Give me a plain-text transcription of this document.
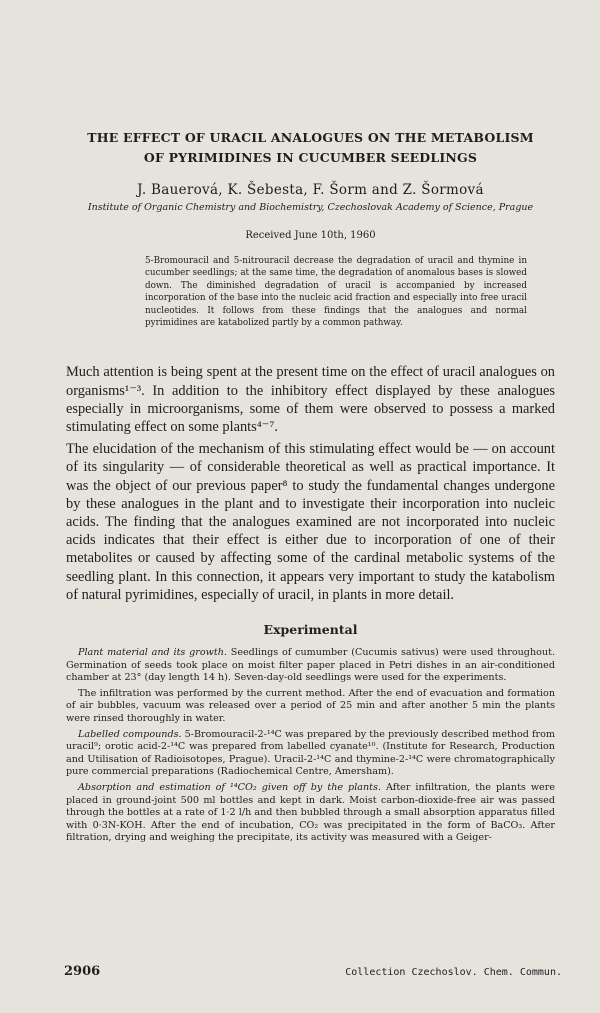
THE EFFECT OF URACIL ANALOGUES ON THE METABOLISM
OF PYRIMIDINES IN CUCUMBER SEEDLINGS
J. Bauerová, K. Šebesta, F. Šorm and Z. Šormová
Institute of Organic Chemistry and Biochemistry, Czechoslovak Academy of Science, Prague
Received June 10th, 1960
5-Bromouracil and 5-nitrouracil decrease the degradation of uracil and thymine in cucumber seedlings; at the same time, the degradation of anomalous bases is slowed down. The diminished degradation of uracil is accompanied by increased incorporation of the base into the nucleic acid fraction and especially into free uracil nucleotides. It follows from these findings that the analogues and normal pyrimidines are katabolized partly by a common pathway.

Much attention is being spent at the present time on the effect of uracil analogues on organisms¹⁻³. In addition to the inhibitory effect displayed by these analogues especially in microorganisms, some of them were observed to possess a marked stimulating effect on some plants⁴⁻⁷.

The elucidation of the mechanism of this stimulating effect would be — on account of its singularity — of considerable theoretical as well as practical importance. It was the object of our previous paper⁸ to study the fundamental changes undergone by these analogues in the plant and to investigate their incorporation into nucleic acids. The finding that the analogues examined are not incorporated into nucleic acids indicates that their effect is either due to incorporation of one of their metabolites or caused by affecting some of the cardinal metabolic systems of the seedling plant. In this connection, it appears very important to study the katabolism of natural pyrimidines, especially of uracil, in plants in more detail.

Experimental

Plant material and its growth. Seedlings of cumumber (Cucumis sativus) were used throughout. Germination of seeds took place on moist filter paper placed in Petri dishes in an air-conditioned chamber at 23° (day length 14 h). Seven-day-old seedlings were used for the experiments.

The infiltration was performed by the current method. After the end of evacuation and formation of air bubbles, vacuum was released over a period of 25 min and after another 5 min the plants were rinsed thoroughly in water.

Labelled compounds. 5-Bromouracil-2-¹⁴C was prepared by the previously described method from uracil⁹; orotic acid-2-¹⁴C was prepared from labelled cyanate¹⁰. (Institute for Research, Production and Utilisation of Radioisotopes, Prague). Uracil-2-¹⁴C and thymine-2-¹⁴C were chromatographically pure commercial preparations (Radiochemical Centre, Amersham).

Absorption and estimation of ¹⁴CO₂ given off by the plants. After infiltration, the plants were placed in ground-joint 500 ml bottles and kept in dark. Moist carbon-dioxide-free air was passed through the bottles at a rate of 1·2 l/h and then bubbled through a small absorption apparatus filled with 0·3N-KOH. After the end of incubation, CO₂ was precipitated in the form of BaCO₃. After filtration, drying and weighing the precipitate, its activity was measured with a Geiger-

2906	Collection Czechoslov. Chem. Commun.
